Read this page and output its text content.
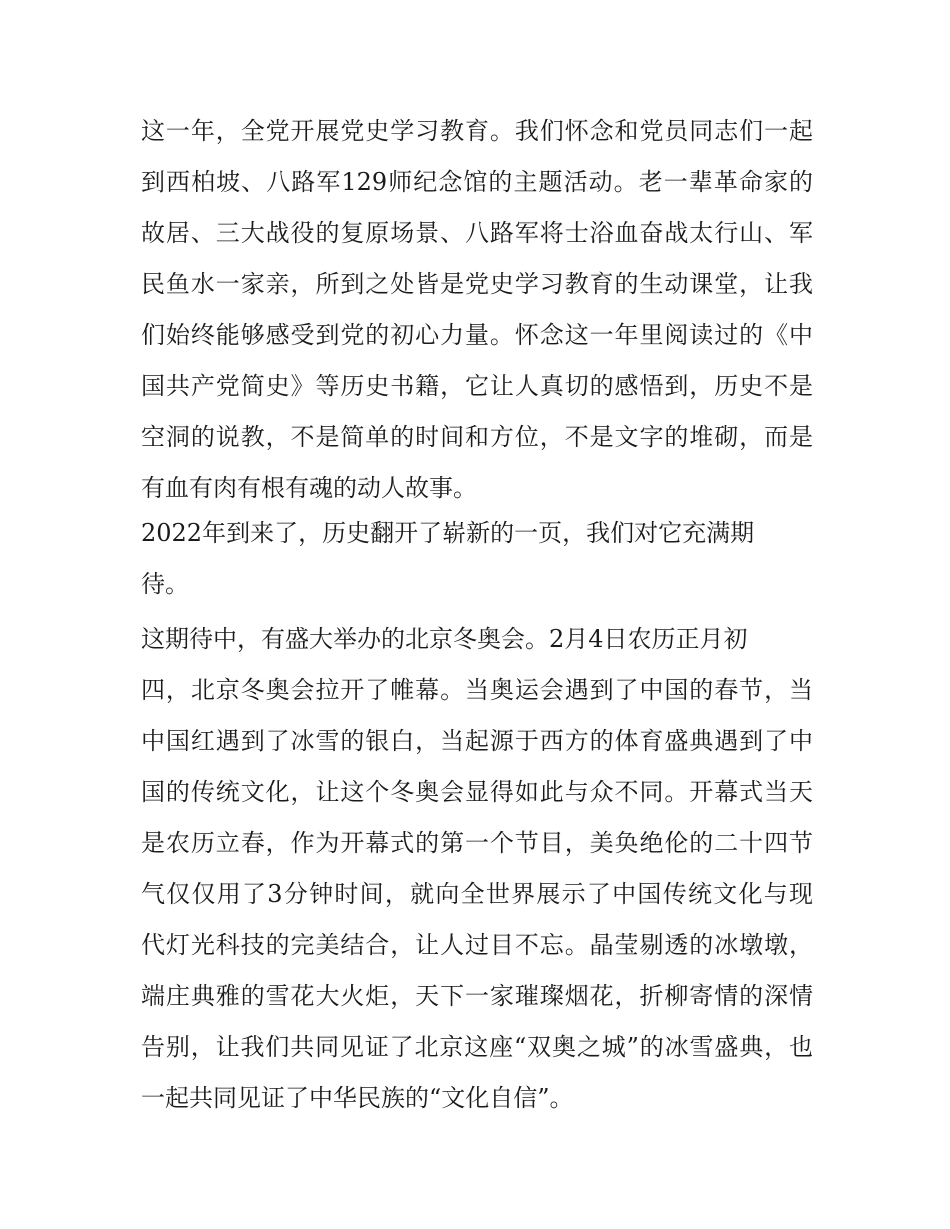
这一年，全党开展党史学习教育。我们怀念和党员同志们一起
到西柏坡、八路军129师纪念馆的主题活动。老一辈革命家的
故居、三大战役的复原场景、八路军将士浴血奋战太行山、军
民鱼水一家亲，所到之处皆是党史学习教育的生动课堂，让我
们始终能够感受到党的初心力量。怀念这一年里阅读过的《中
国共产党简史》等历史书籍，它让人真切的感悟到，历史不是
空洞的说教，不是简单的时间和方位，不是文字的堆砌，而是
有血有肉有根有魂的动人故事。
2022年到来了，历史翻开了崭新的一页，我们对它充满期
待。
这期待中，有盛大举办的北京冬奥会。2月4日农历正月初
四，北京冬奥会拉开了帷幕。当奥运会遇到了中国的春节，当
中国红遇到了冰雪的银白，当起源于西方的体育盛典遇到了中
国的传统文化，让这个冬奥会显得如此与众不同。开幕式当天
是农历立春，作为开幕式的第一个节目，美奂绝伦的二十四节
气仅仅用了3分钟时间，就向全世界展示了中国传统文化与现
代灯光科技的完美结合，让人过目不忘。晶莹剔透的冰墩墩，
端庄典雅的雪花大火炬，天下一家璀璨烟花，折柳寄情的深情
告别，让我们共同见证了北京这座“双奥之城”的冰雪盛典，也
一起共同见证了中华民族的“文化自信”。
